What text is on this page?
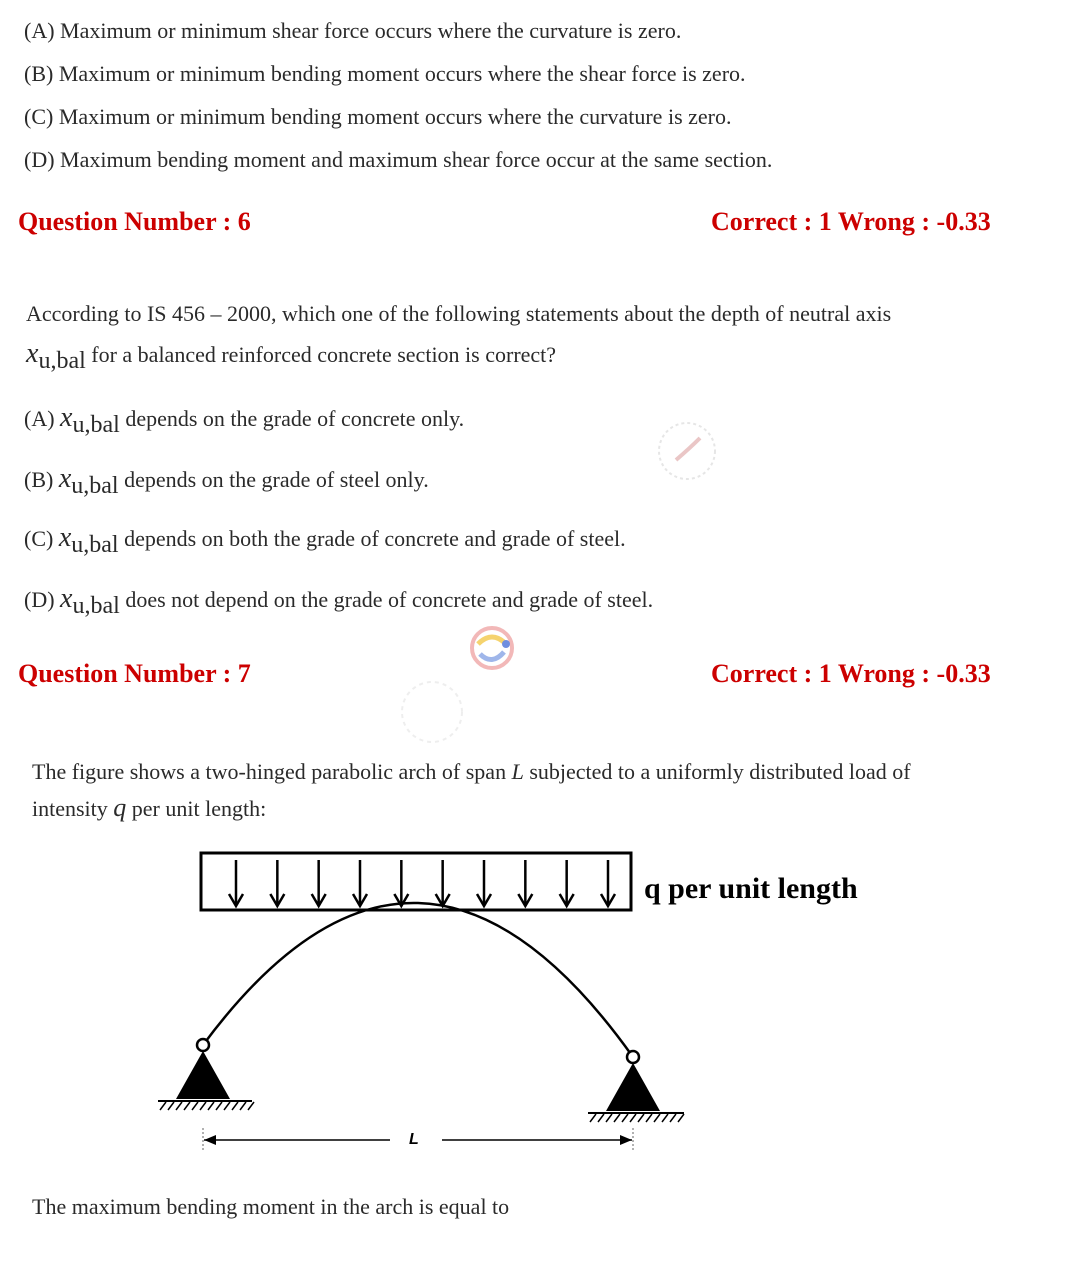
(A) Maximum or minimum shear force occurs where the curvature is zero.
(B) Maximum or minimum bending moment occurs where the shear force is zero.
(C) Maximum or minimum bending moment occurs where the curvature is zero.
(D) Maximum bending moment and maximum shear force occur at the same section.
Question Number : 6	Correct : 1 Wrong : -0.33
According to IS 456 – 2000, which one of the following statements about the depth of neutral axis
xu,bal for a balanced reinforced concrete section is correct?
(A) xu,bal depends on the grade of concrete only.
(B) xu,bal depends on the grade of steel only.
(C) xu,bal depends on both the grade of concrete and grade of steel.
(D) xu,bal does not depend on the grade of concrete and grade of steel.
Question Number : 7	Correct : 1 Wrong : -0.33
The figure shows a two-hinged parabolic arch of span L subjected to a uniformly distributed load of
intensity q per unit length:
L
q per unit length
The maximum bending moment in the arch is equal to
